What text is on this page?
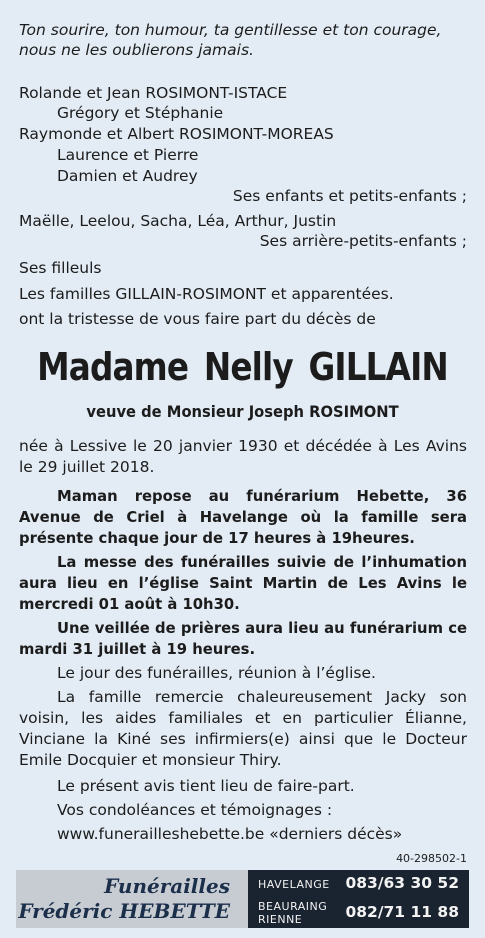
Ton sourire, ton humour, ta gentillesse et ton courage,
nous ne les oublierons jamais.
Rolande et Jean ROSIMONT-ISTACE
Grégory et Stéphanie
Raymonde et Albert ROSIMONT-MOREAS
Laurence et Pierre
Damien et Audrey
Ses enfants et petits-enfants ;
Maëlle, Leelou, Sacha, Léa, Arthur, Justin
Ses arrière-petits-enfants ;
Ses filleuls
Les familles GILLAIN-ROSIMONT et apparentées.
ont la tristesse de vous faire part du décès de
Madame Nelly GILLAIN
veuve de Monsieur Joseph ROSIMONT
née à Lessive le 20 janvier 1930 et décédée à Les Avins le 29 juillet 2018.
Maman repose au funérarium Hebette, 36 Avenue de Criel à Havelange où la famille sera présente chaque jour de 17 heures à 19heures.
La messe des funérailles suivie de l’inhumation aura lieu en l’église Saint Martin de Les Avins le mercredi 01 août à 10h30.
Une veillée de prières aura lieu au funérarium ce mardi 31 juillet à 19 heures.
Le jour des funérailles, réunion à l’église.
La famille remercie chaleureusement Jacky son voisin, les aides familiales et en particulier Élianne, Vinciane la Kiné ses infirmiers(e) ainsi que le Docteur Emile Docquier et monsieur Thiry.
Le présent avis tient lieu de faire-part.
Vos condoléances et témoignages :
www.funerailleshebette.be «derniers décès»
40-298502-1
Funérailles
Frédéric HEBETTE
HAVELANGE 083/63 30 52
BEAURAING
RIENNE	082/71 11 88
